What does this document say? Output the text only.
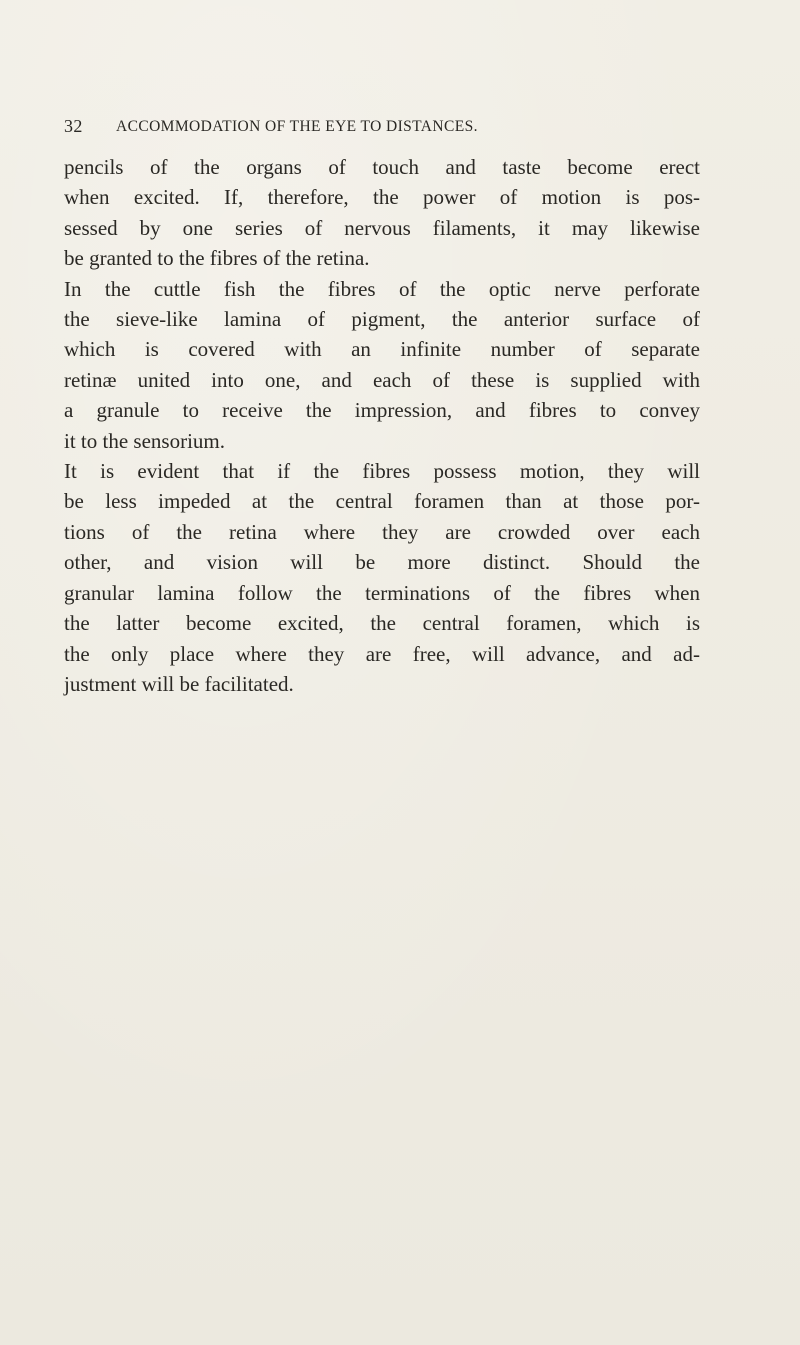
32 ACCOMMODATION OF THE EYE TO DISTANCES.

pencils of the organs of touch and taste become erect
when excited. If, therefore, the power of motion is pos-
sessed by one series of nervous filaments, it may likewise
be granted to the fibres of the retina.

In the cuttle fish the fibres of the optic nerve perforate
the sieve-like lamina of pigment, the anterior surface of
which is covered with an infinite number of separate
retinæ united into one, and each of these is supplied with
a granule to receive the impression, and fibres to convey
it to the sensorium.

It is evident that if the fibres possess motion, they will
be less impeded at the central foramen than at those por-
tions of the retina where they are crowded over each
other, and vision will be more distinct. Should the
granular lamina follow the terminations of the fibres when
the latter become excited, the central foramen, which is
the only place where they are free, will advance, and ad-
justment will be facilitated.
